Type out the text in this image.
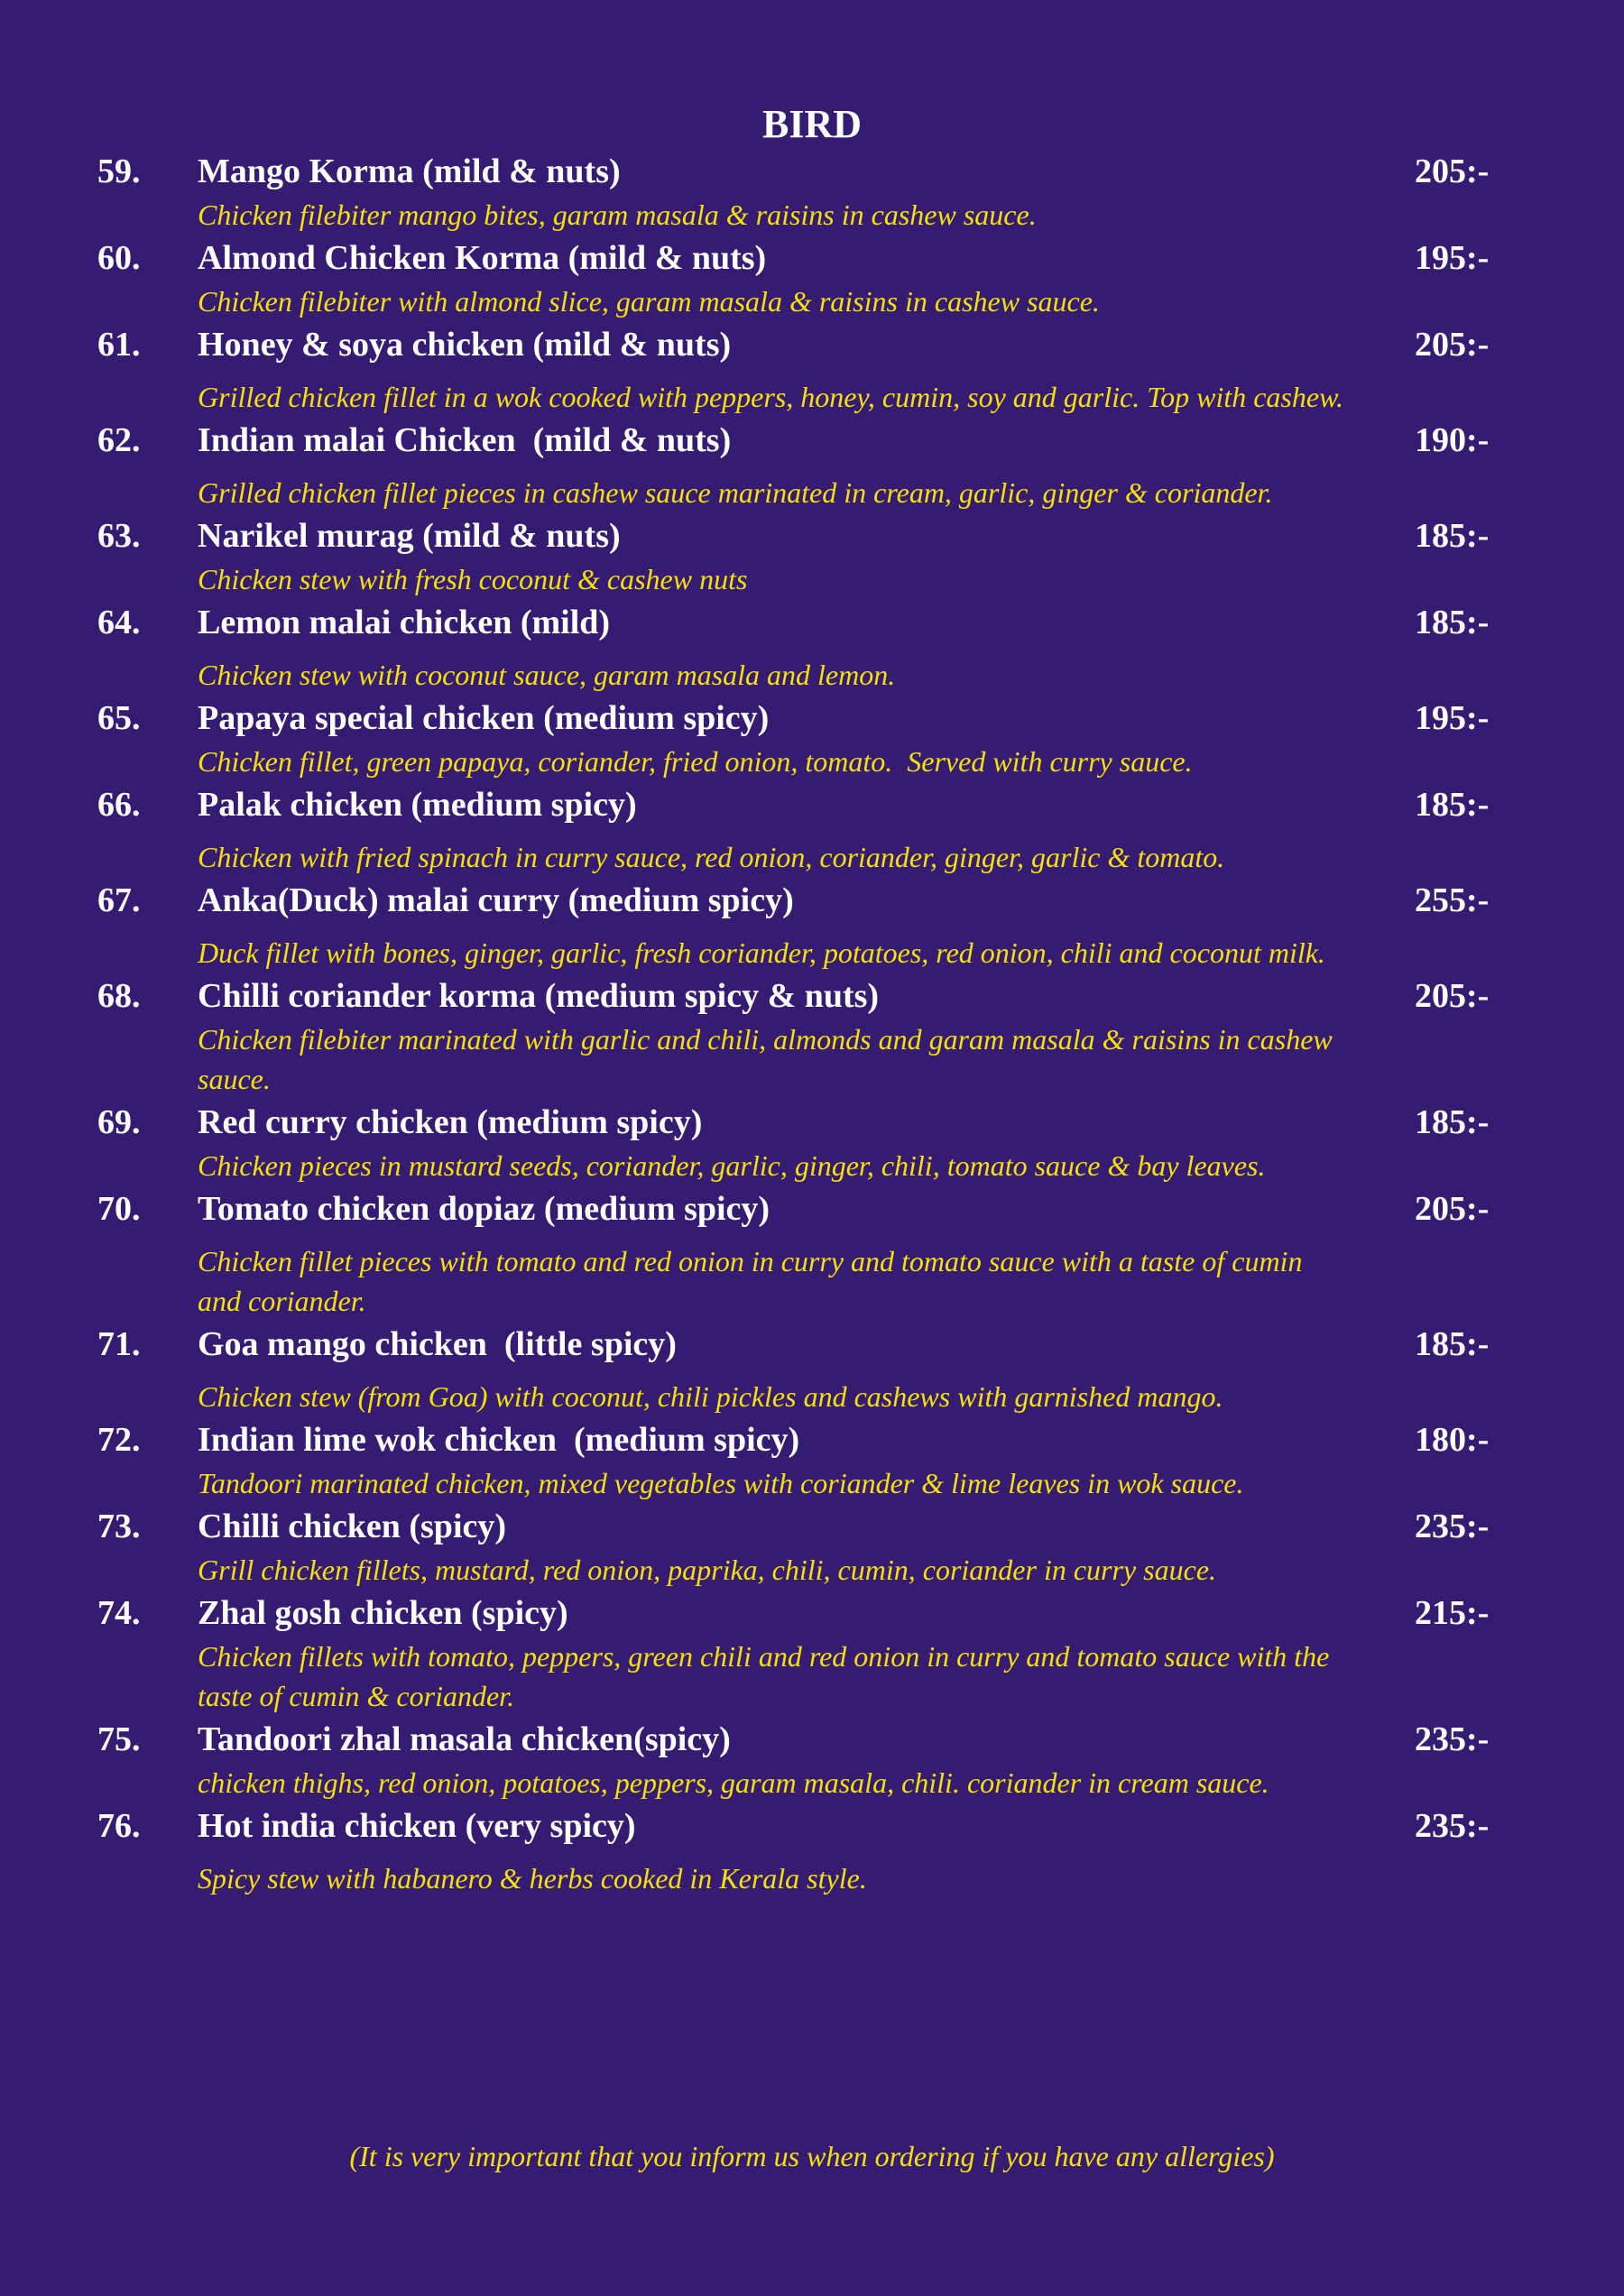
BIRD
59. Mango Korma (mild & nuts)	205:-

Chicken filebiter mango bites, garam masala & raisins in cashew sauce.

60. Almond Chicken Korma (mild & nuts)	195:-

Chicken filebiter with almond slice, garam masala & raisins in cashew sauce.

61. Honey & soya chicken (mild & nuts)	205:-

Grilled chicken fillet in a wok cooked with peppers, honey, cumin, soy and garlic. Top with cashew.

62. Indian malai Chicken  (mild & nuts)	190:-

Grilled chicken fillet pieces in cashew sauce marinated in cream, garlic, ginger & coriander.

63. Narikel murag (mild & nuts)	185:-

Chicken stew with fresh coconut & cashew nuts

64. Lemon malai chicken (mild)	185:-

Chicken stew with coconut sauce, garam masala and lemon.

65. Papaya special chicken (medium spicy)	195:-

Chicken fillet, green papaya, coriander, fried onion, tomato.  Served with curry sauce.

66. Palak chicken (medium spicy)	185:-

Chicken with fried spinach in curry sauce, red onion, coriander, ginger, garlic & tomato.

67. Anka(Duck) malai curry (medium spicy)	255:-

Duck fillet with bones, ginger, garlic, fresh coriander, potatoes, red onion, chili and coconut milk.

68. Chilli coriander korma (medium spicy & nuts)	205:-

Chicken filebiter marinated with garlic and chili, almonds and garam masala & raisins in cashew
sauce.

69. Red curry chicken (medium spicy)	185:-

Chicken pieces in mustard seeds, coriander, garlic, ginger, chili, tomato sauce & bay leaves.

70. Tomato chicken dopiaz (medium spicy)	205:-

Chicken fillet pieces with tomato and red onion in curry and tomato sauce with a taste of cumin
and coriander.

71. Goa mango chicken  (little spicy)	185:-

Chicken stew (from Goa) with coconut, chili pickles and cashews with garnished mango.

72. Indian lime wok chicken  (medium spicy)	180:-

Tandoori marinated chicken, mixed vegetables with coriander & lime leaves in wok sauce.

73. Chilli chicken (spicy)	235:-

Grill chicken fillets, mustard, red onion, paprika, chili, cumin, coriander in curry sauce.

74. Zhal gosh chicken (spicy)	215:-

Chicken fillets with tomato, peppers, green chili and red onion in curry and tomato sauce with the
taste of cumin & coriander.

75. Tandoori zhal masala chicken(spicy)	235:-

chicken thighs, red onion, potatoes, peppers, garam masala, chili. coriander in cream sauce.

76. Hot india chicken (very spicy)	235:-

Spicy stew with habanero & herbs cooked in Kerala style.

(It is very important that you inform us when ordering if you have any allergies)
